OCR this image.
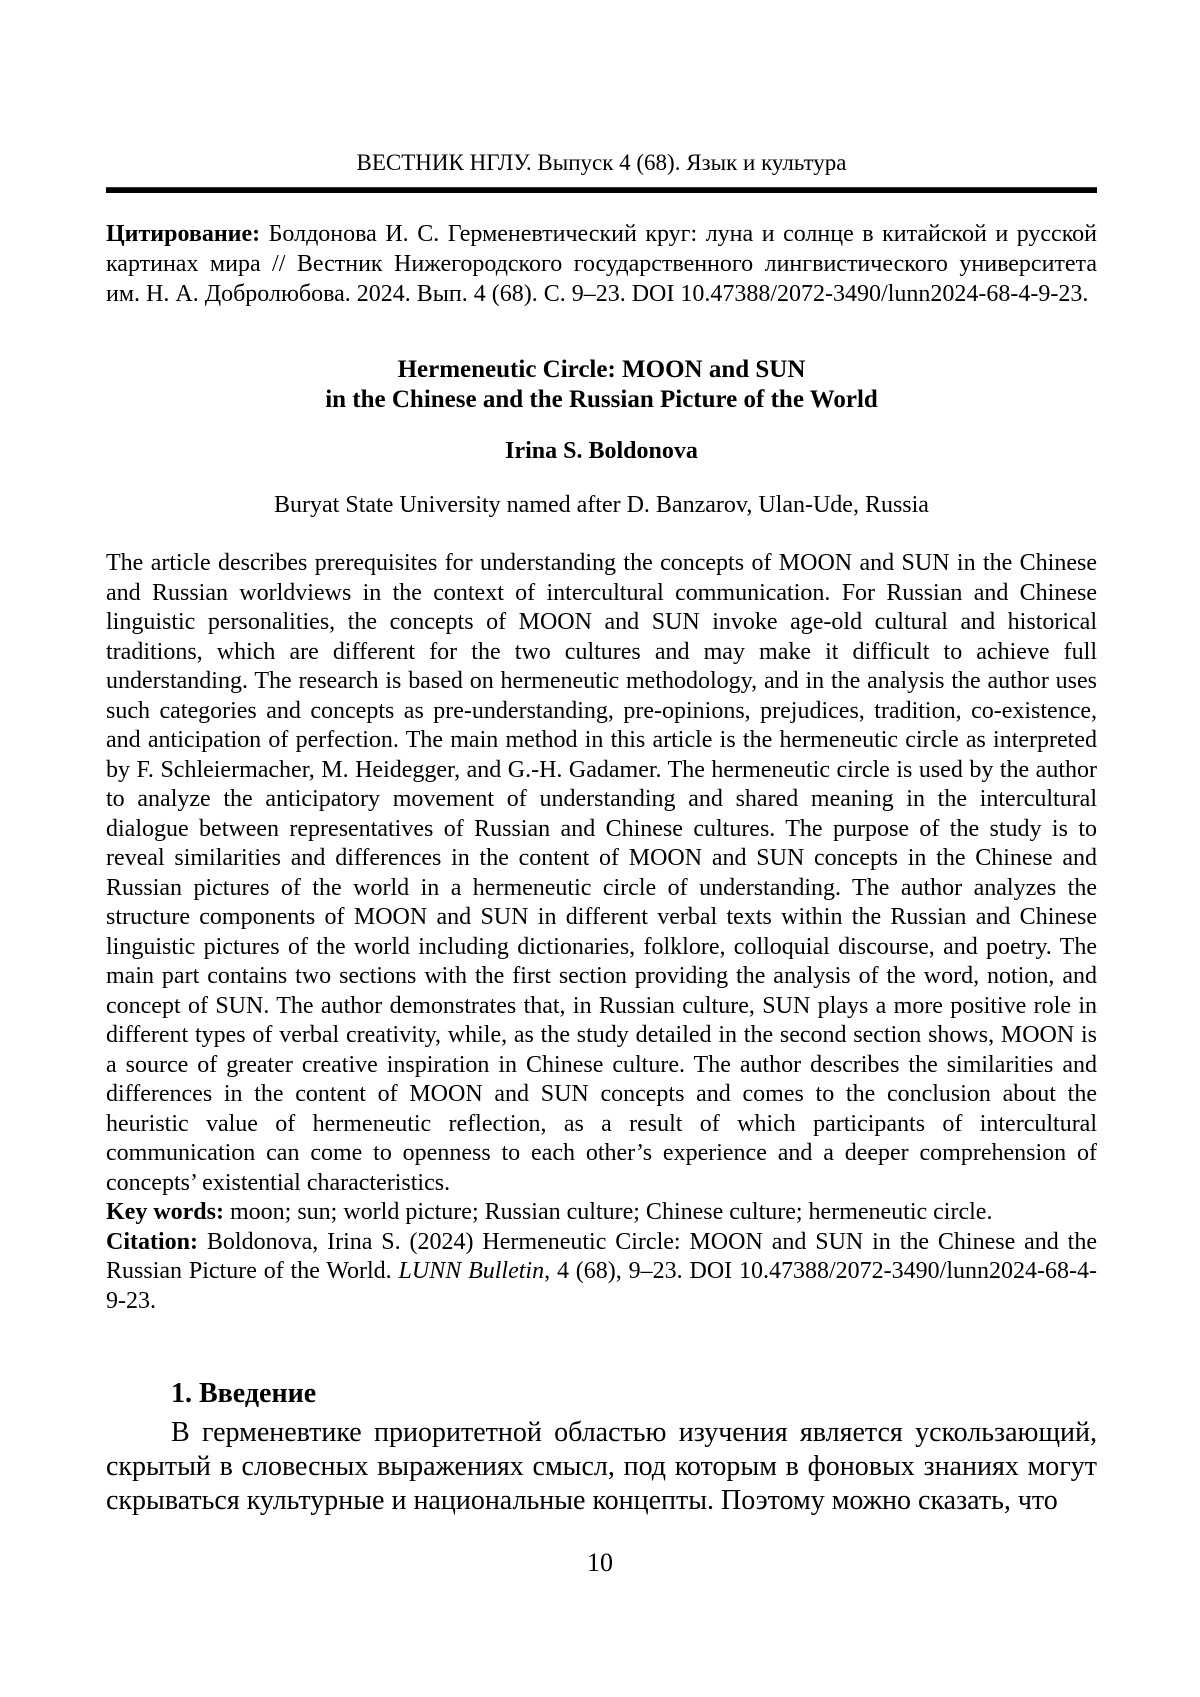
ВЕСТНИК НГЛУ. Выпуск 4 (68). Язык и культура

Цитирование: Болдонова И. С. Герменевтический круг: луна и солнце в китайской и русской картинах мира // Вестник Нижегородского государственного лингвистического университета им. Н. А. Добролюбова. 2024. Вып. 4 (68). С. 9–23. DOI 10.47388/2072-3490/lunn2024-68-4-9-23.

Hermeneutic Circle: MOON and SUN
in the Chinese and the Russian Picture of the World
Irina S. Boldonova
Buryat State University named after D. Banzarov, Ulan-Ude, Russia

The article describes prerequisites for understanding the concepts of MOON and SUN in the Chinese and Russian worldviews in the context of intercultural communication. For Russian and Chinese linguistic personalities, the concepts of MOON and SUN invoke age-old cultural and historical traditions, which are different for the two cultures and may make it difficult to achieve full understanding. The research is based on hermeneutic methodology, and in the analysis the author uses such categories and concepts as pre-understanding, pre-opinions, prejudices, tradition, co-existence, and anticipation of perfection. The main method in this article is the hermeneutic circle as interpreted by F. Schleiermacher, M. Heidegger, and G.-H. Gadamer. The hermeneutic circle is used by the author to analyze the anticipatory movement of understanding and shared meaning in the intercultural dialogue between representatives of Russian and Chinese cultures. The purpose of the study is to reveal similarities and differences in the content of MOON and SUN concepts in the Chinese and Russian pictures of the world in a hermeneutic circle of understanding. The author analyzes the structure components of MOON and SUN in different verbal texts within the Russian and Chinese linguistic pictures of the world including dictionaries, folklore, colloquial discourse, and poetry. The main part contains two sections with the first section providing the analysis of the word, notion, and concept of SUN. The author demonstrates that, in Russian culture, SUN plays a more positive role in different types of verbal creativity, while, as the study detailed in the second section shows, MOON is a source of greater creative inspiration in Chinese culture. The author describes the similarities and differences in the content of MOON and SUN concepts and comes to the conclusion about the heuristic value of hermeneutic reflection, as a result of which participants of intercultural communication can come to openness to each other’s experience and a deeper comprehension of concepts’ existential characteristics.

Key words: moon; sun; world picture; Russian culture; Chinese culture; hermeneutic circle.

Citation: Boldonova, Irina S. (2024) Hermeneutic Circle: MOON and SUN in the Chinese and the Russian Picture of the World. LUNN Bulletin, 4 (68), 9–23. DOI 10.47388/2072-3490/lunn2024-68-4-9-23.

1. Введение

В герменевтике приоритетной областью изучения является ускользающий, скрытый в словесных выражениях смысл, под которым в фоновых знаниях могут скрываться культурные и национальные концепты. Поэтому можно сказать, что

10
